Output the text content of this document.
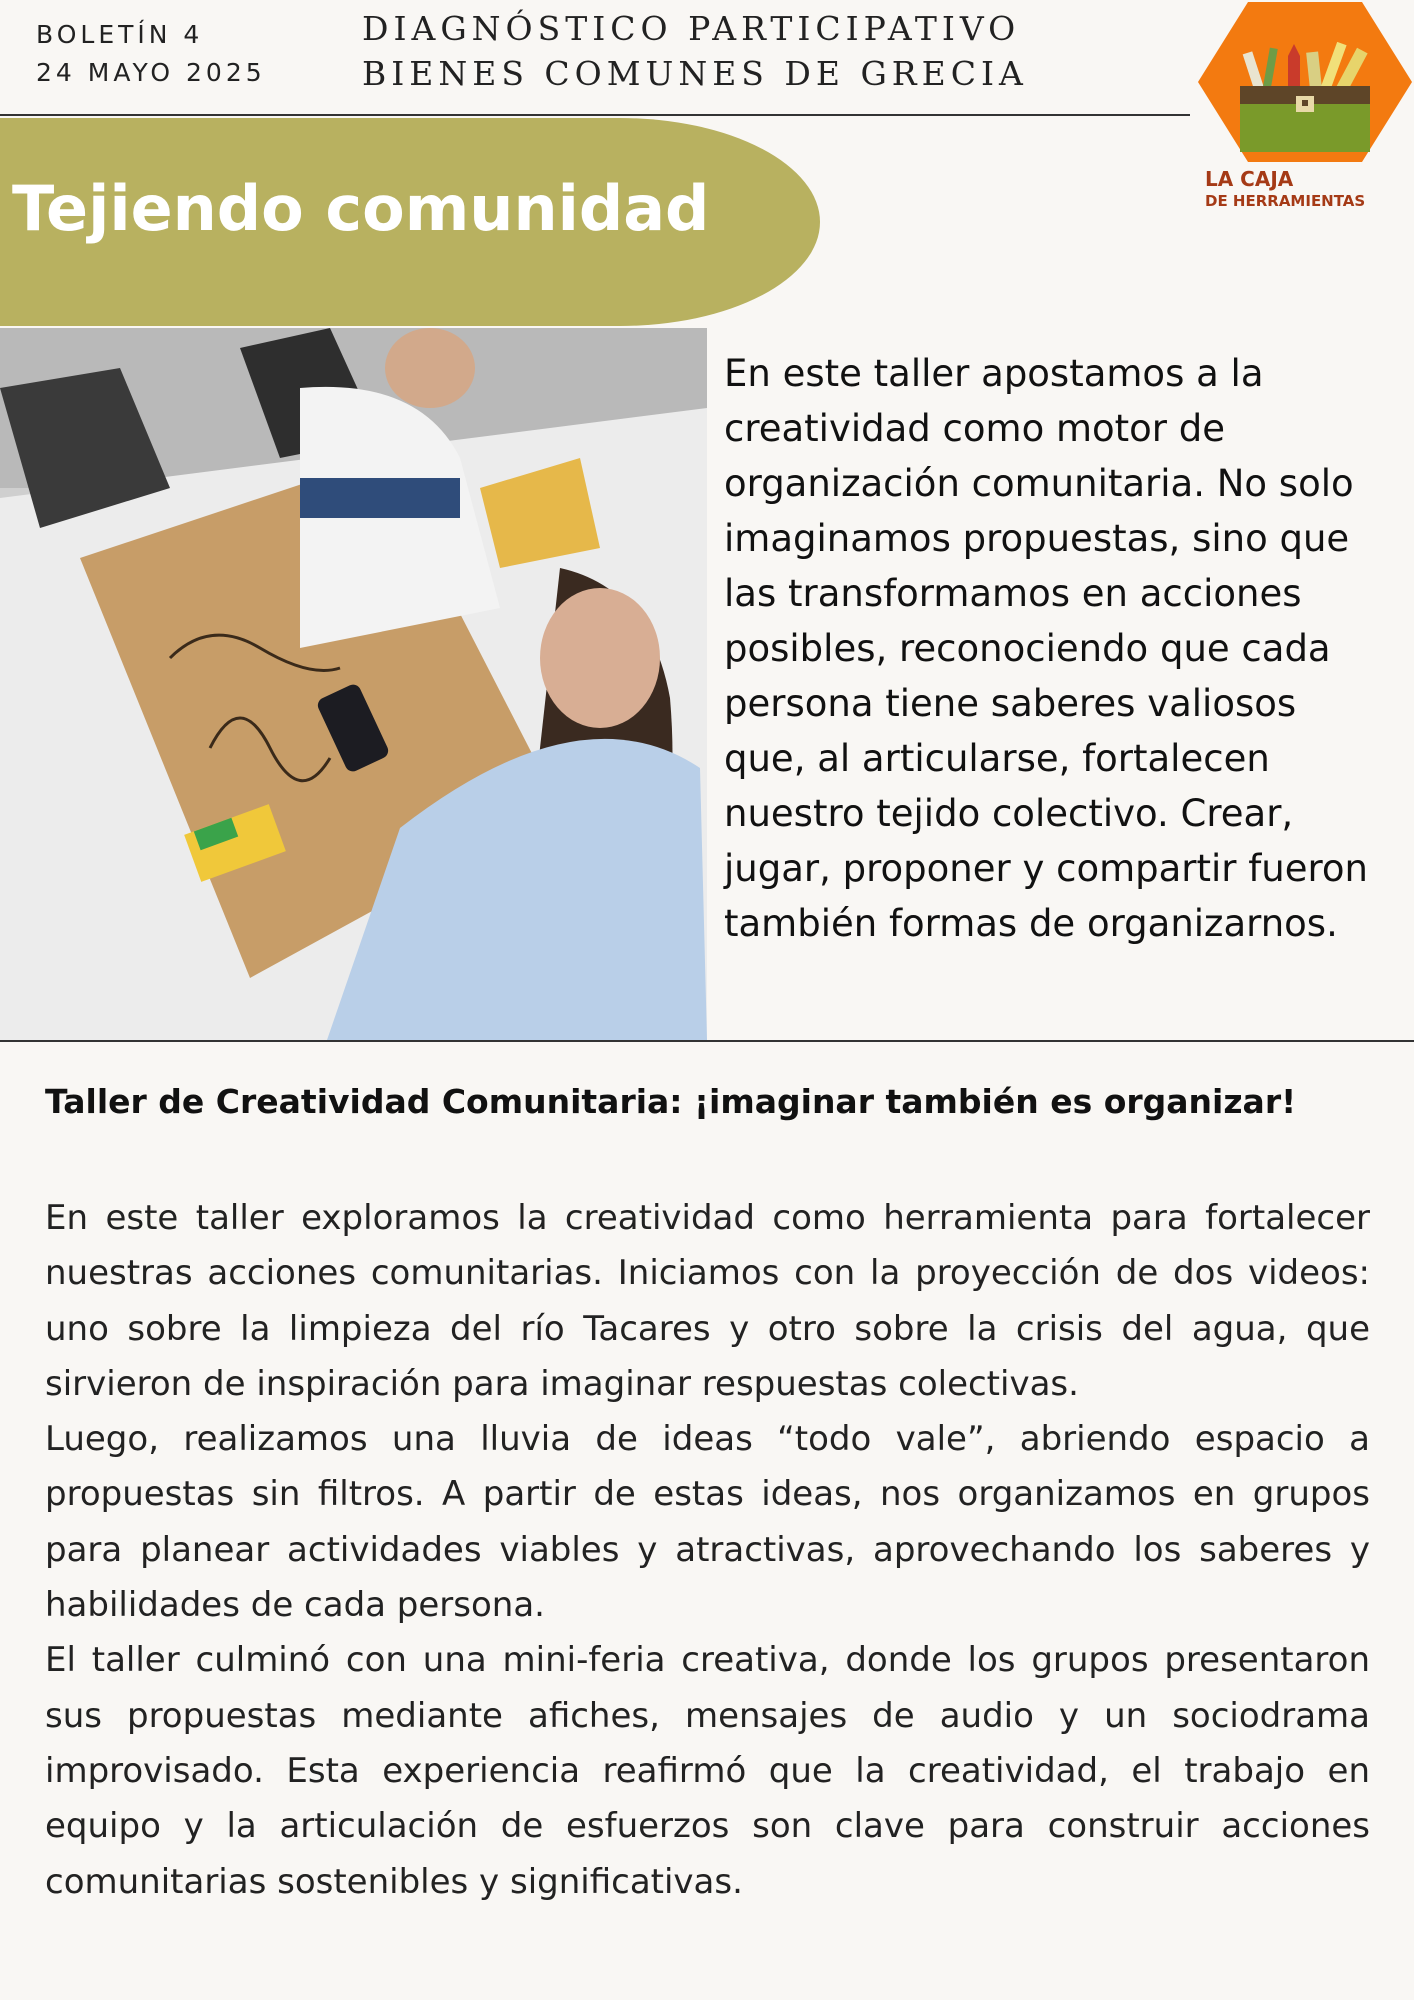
BOLETÍN 4
24 MAYO 2025
DIAGNÓSTICO PARTICIPATIVO
BIENES COMUNES DE GRECIA
LA CAJA
DE HERRAMIENTAS
Tejiendo comunidad
En este taller apostamos a la creatividad como motor de organización comunitaria. No solo imaginamos propuestas, sino que las transformamos en acciones posibles, reconociendo que cada persona tiene saberes valiosos que, al articularse, fortalecen nuestro tejido colectivo. Crear, jugar, proponer y compartir fueron también formas de organizarnos.
Taller de Creatividad Comunitaria: ¡imaginar también es organizar!

En este taller exploramos la creatividad como herramienta para fortalecer nuestras acciones comunitarias. Iniciamos con la proyección de dos videos: uno sobre la limpieza del río Tacares y otro sobre la crisis del agua, que sirvieron de inspiración para imaginar respuestas colectivas.

Luego, realizamos una lluvia de ideas “todo vale”, abriendo espacio a propuestas sin filtros. A partir de estas ideas, nos organizamos en grupos para planear actividades viables y atractivas, aprovechando los saberes y habilidades de cada persona.

El taller culminó con una mini-feria creativa, donde los grupos presentaron sus propuestas mediante afiches, mensajes de audio y un sociodrama improvisado. Esta experiencia reafirmó que la creatividad, el trabajo en equipo y la articulación de esfuerzos son clave para construir acciones comunitarias sostenibles y significativas.
